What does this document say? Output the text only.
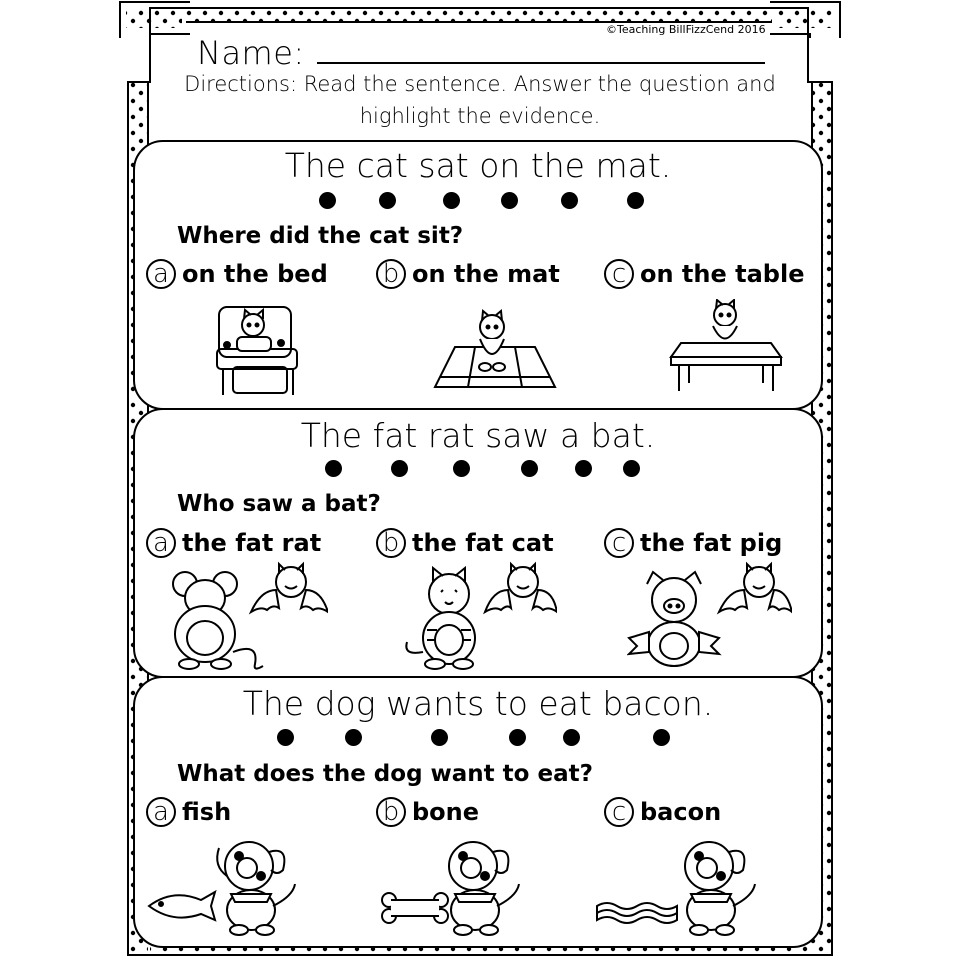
Name:
©Teaching BillFizzCend 2016
Directions: Read the sentence. Answer the question and highlight the evidence.
The cat sat on the mat.
Where did the cat sit?
a on the bed b on the mat	c on the table
The fat rat saw a bat.
Who saw a bat?
a the fat rat b the fat cat	c the fat pig
The dog wants to eat bacon.
What does the dog want to eat?
a fish	b bone	c bacon
